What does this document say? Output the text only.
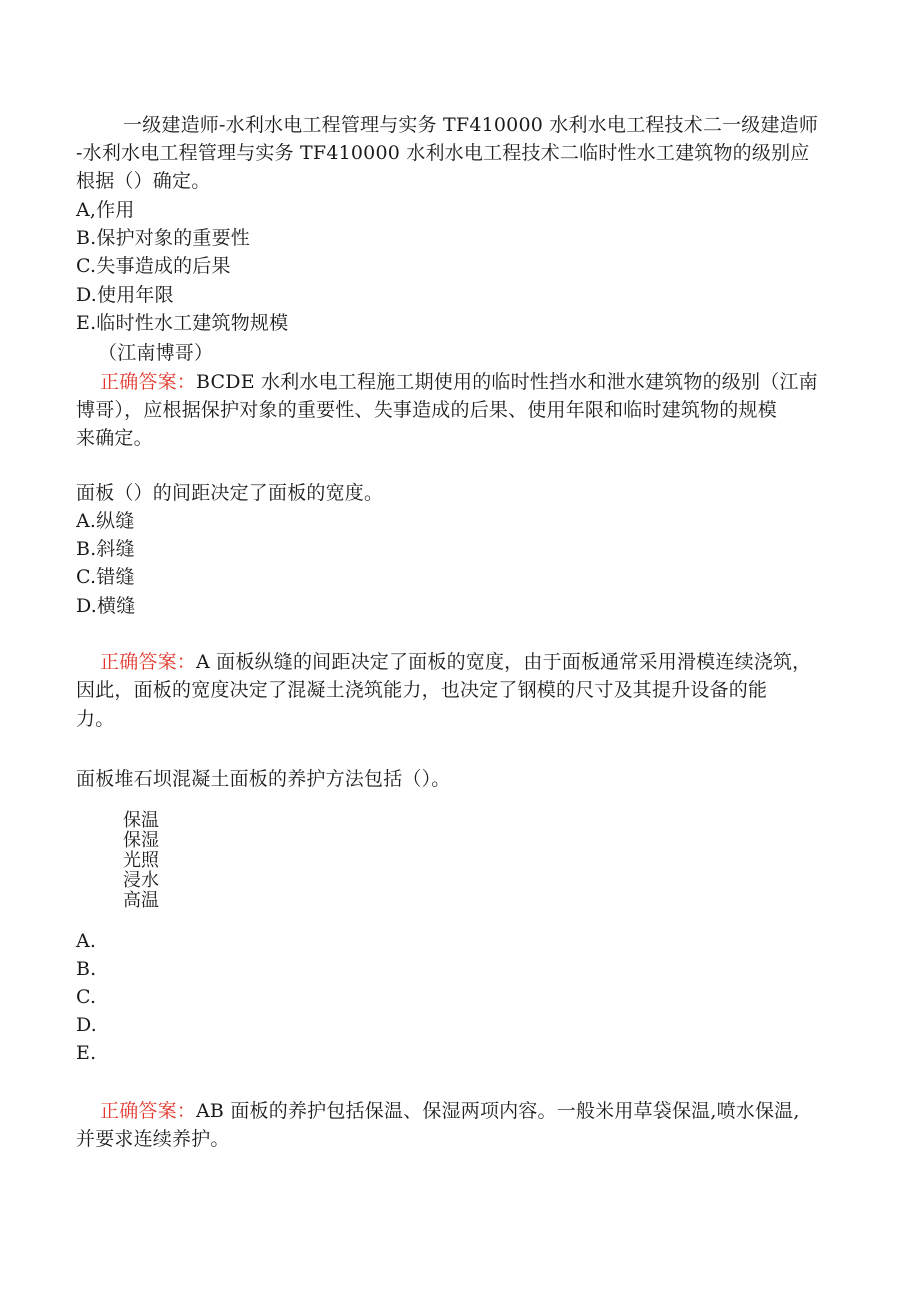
一级建造师-水利水电工程管理与实务 TF410000 水利水电工程技术二一级建造师
-水利水电工程管理与实务 TF410000 水利水电工程技术二临时性水工建筑物的级别应
根据（）确定。
A,作用
B.保护对象的重要性
C.失事造成的后果
D.使用年限
E.临时性水工建筑物规模
（江南博哥）
正确答案：BCDE 水利水电工程施工期使用的临时性挡水和泄水建筑物的级别（江南
博哥），应根据保护对象的重要性、失事造成的后果、使用年限和临时建筑物的规模
来确定。
面板（）的间距决定了面板的宽度。
A.纵缝
B.斜缝
C.错缝
D.横缝
正确答案：A 面板纵缝的间距决定了面板的宽度，由于面板通常采用滑模连续浇筑，
因此，面板的宽度决定了混凝土浇筑能力，也决定了钢模的尺寸及其提升设备的能
力。
面板堆石坝混凝土面板的养护方法包括（）。
保温
保湿
光照
浸水
高温
A.
B.
C.
D.
E.
正确答案：AB 面板的养护包括保温、保湿两项内容。一般米用草袋保温,喷水保温,
并要求连续养护。
